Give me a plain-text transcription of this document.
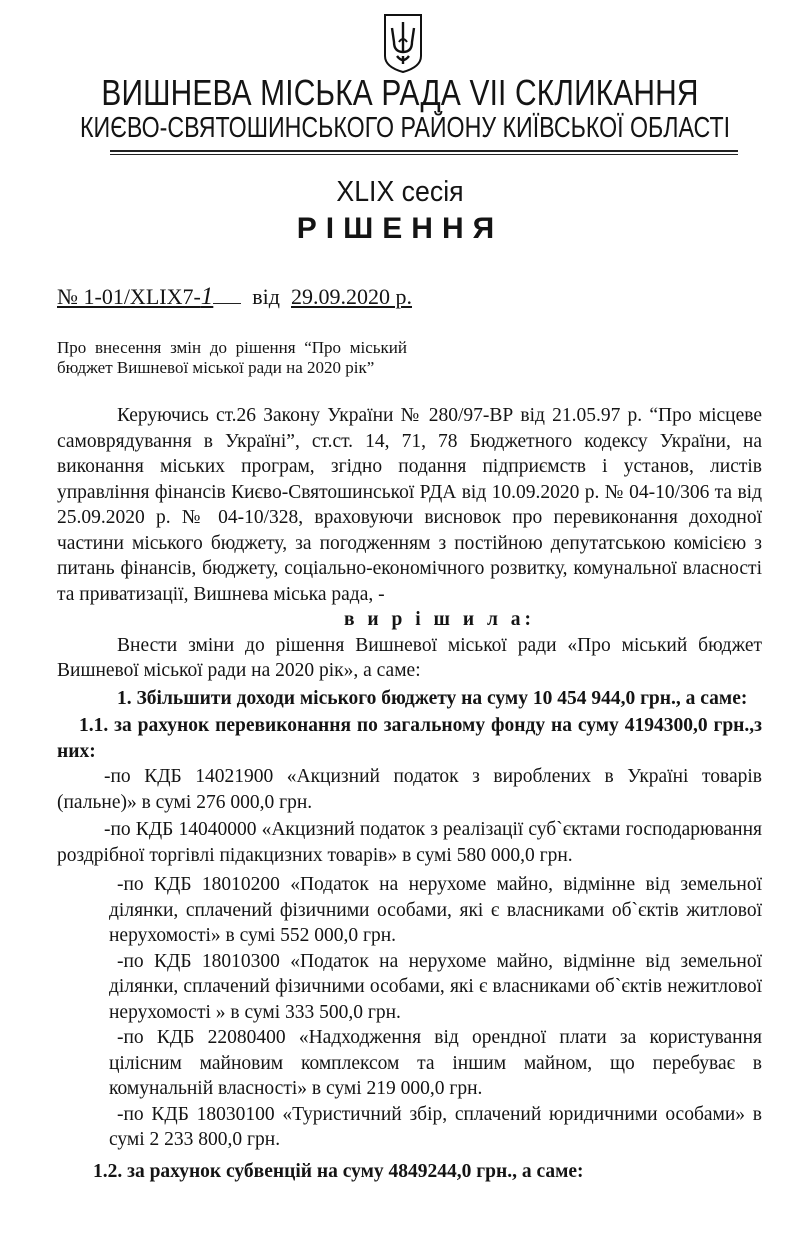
ВИШНЕВА МІСЬКА РАДА VII СКЛИКАННЯ
КИЄВО-СВЯТОШИНСЬКОГО РАЙОНУ КИЇВСЬКОЇ ОБЛАСТІ
XLIX сесія
РІШЕННЯ
№ 1-01/XLIX7-1 від 29.09.2020 р.
Про внесення змін до рішення “Про міський бюджет Вишневої міської ради на 2020 рік”

Керуючись ст.26 Закону України № 280/97-ВР від 21.05.97 р. “Про місцеве самоврядування в Україні”, ст.ст. 14, 71, 78 Бюджетного кодексу України, на виконання міських програм, згідно подання підприємств і установ, листів управління фінансів Києво-Святошинської РДА від 10.09.2020 р. № 04-10/306 та від 25.09.2020 р. № 04-10/328, враховуючи висновок про перевиконання доходної частини міського бюджету, за погодженням з постійною депутатською комісією з питань фінансів, бюджету, соціально-економічного розвитку, комунальної власності та приватизації, Вишнева міська рада, -

в и р і ш и л а:

Внести зміни до рішення Вишневої міської ради «Про міський бюджет Вишневої міської ради на 2020 рік», а саме:

1. Збільшити доходи міського бюджету на суму 10 454 944,0 грн., а саме:

1.1. за рахунок перевиконання по загальному фонду на суму 4194300,0 грн.,з них:

-по КДБ 14021900 «Акцизний податок з вироблених в Україні товарів (пальне)» в сумі 276 000,0 грн.

-по КДБ 14040000 «Акцизний податок з реалізації суб`єктами господарювання роздрібної торгівлі підакцизних товарів» в сумі 580 000,0 грн.

-по КДБ 18010200 «Податок на нерухоме майно, відмінне від земельної ділянки, сплачений фізичними особами, які є власниками об`єктів житлової нерухомості» в сумі 552 000,0 грн.

-по КДБ 18010300 «Податок на нерухоме майно, відмінне від земельної ділянки, сплачений фізичними особами, які є власниками об`єктів нежитлової нерухомості » в сумі 333 500,0 грн.

-по КДБ 22080400 «Надходження від орендної плати за користування цілісним майновим комплексом та іншим майном, що перебуває в комунальній власності» в сумі 219 000,0 грн.

-по КДБ 18030100 «Туристичний збір, сплачений юридичними особами» в сумі 2 233 800,0 грн.

1.2. за рахунок субвенцій на суму 4849244,0 грн., а саме:
